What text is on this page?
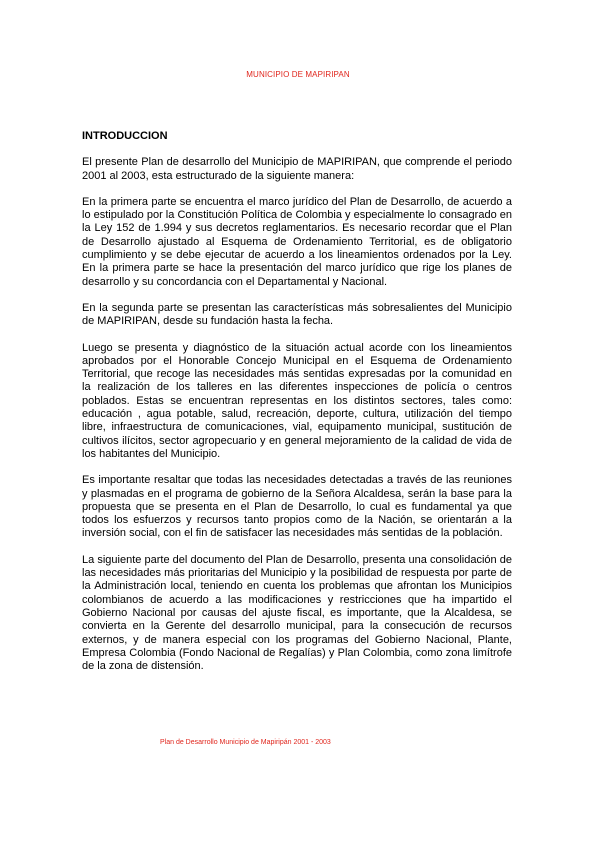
MUNICIPIO DE MAPIRIPAN
INTRODUCCION

El presente Plan de desarrollo del Municipio de MAPIRIPAN, que comprende el periodo 2001 al 2003, esta estructurado de la siguiente manera:

En la primera parte se encuentra el marco jurídico del Plan de Desarrollo, de acuerdo a lo estipulado por la Constitución Política de Colombia y especialmente lo consagrado en la Ley 152 de 1.994 y sus decretos reglamentarios. Es necesario recordar que el Plan de Desarrollo ajustado al Esquema de Ordenamiento Territorial, es de obligatorio cumplimiento y se debe ejecutar de acuerdo a los lineamientos ordenados por la Ley. En la primera parte se hace la presentación del marco jurídico que rige los planes de desarrollo y su concordancia con el Departamental y Nacional.

En la segunda parte se presentan las características más sobresalientes del Municipio de MAPIRIPAN, desde su fundación hasta la fecha.

Luego se presenta y diagnóstico de la situación actual acorde con los lineamientos aprobados por el Honorable Concejo Municipal en el Esquema de Ordenamiento Territorial, que recoge las necesidades más sentidas expresadas por la comunidad en la realización de los talleres en las diferentes inspecciones de policía o centros poblados. Estas se encuentran representas en los distintos sectores, tales como: educación , agua potable, salud, recreación, deporte, cultura, utilización del tiempo libre, infraestructura de comunicaciones, vial, equipamento municipal, sustitución de cultivos ilícitos, sector agropecuario y en general mejoramiento de la calidad de vida de los habitantes del Municipio.

Es importante resaltar que todas las necesidades detectadas a través de las reuniones y plasmadas en el programa de gobierno de la Señora Alcaldesa, serán la base para la propuesta que se presenta en el Plan de Desarrollo, lo cual es fundamental ya que todos los esfuerzos y recursos tanto propios como de la Nación, se orientarán a la inversión social, con el fin de satisfacer las necesidades más sentidas de la población.

La siguiente parte del documento del Plan de Desarrollo, presenta una consolidación de las necesidades más prioritarias del Municipio y la posibilidad de respuesta por parte de la Administración local, teniendo en cuenta los problemas que afrontan los Municipios colombianos de acuerdo a las modificaciones y restricciones que ha impartido el Gobierno Nacional por causas del ajuste fiscal, es importante, que la Alcaldesa, se convierta en la Gerente del desarrollo municipal, para la consecución de recursos externos, y de manera especial con los programas del Gobierno Nacional, Plante, Empresa Colombia (Fondo Nacional de Regalías) y Plan Colombia, como zona limítrofe de la zona de distensión.

Plan de Desarrollo Municipio de Mapiripán 2001 - 2003
